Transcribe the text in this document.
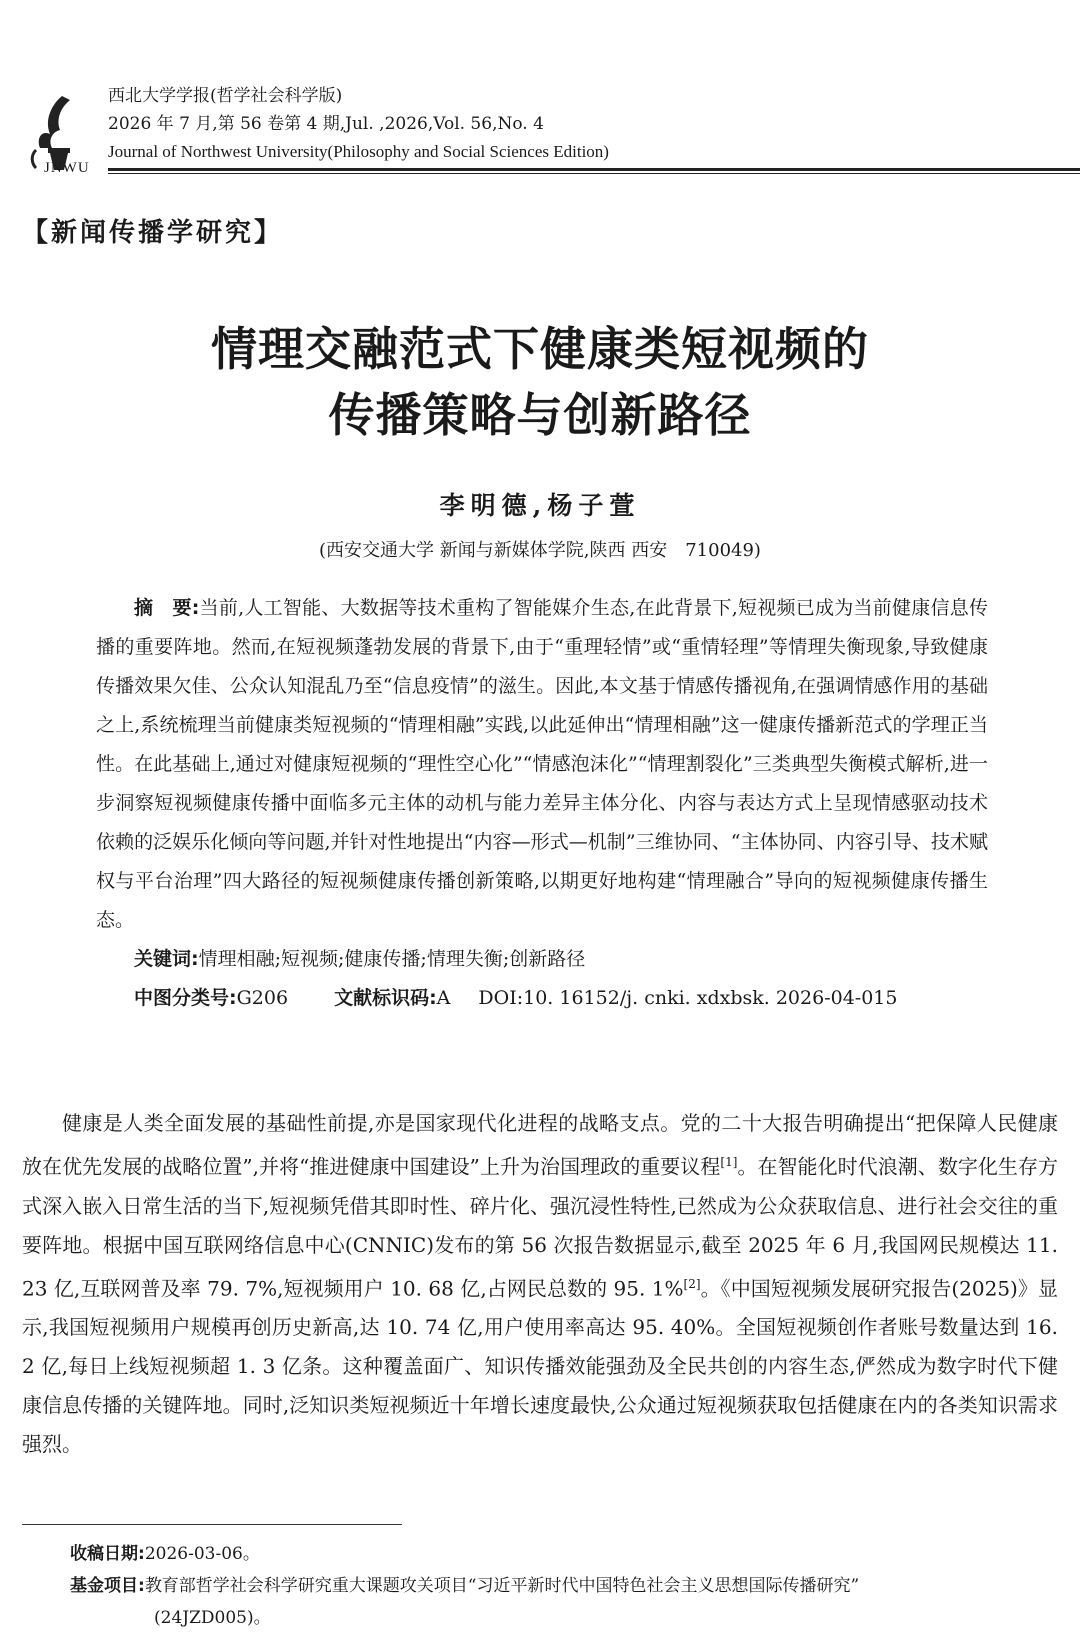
JNWU
西北大学学报(哲学社会科学版)
2026 年 7 月,第 56 卷第 4 期,Jul. ,2026,Vol. 56,No. 4
Journal of Northwest University(Philosophy and Social Sciences Edition)
【新闻传播学研究】
情理交融范式下健康类短视频的
传播策略与创新路径
李明德,杨子萱
(西安交通大学 新闻与新媒体学院,陕西 西安　710049)

摘　要:当前,人工智能、大数据等技术重构了智能媒介生态,在此背景下,短视频已成为当前健康信息传播的重要阵地。然而,在短视频蓬勃发展的背景下,由于“重理轻情”或“重情轻理”等情理失衡现象,导致健康传播效果欠佳、公众认知混乱乃至“信息疫情”的滋生。因此,本文基于情感传播视角,在强调情感作用的基础之上,系统梳理当前健康类短视频的“情理相融”实践,以此延伸出“情理相融”这一健康传播新范式的学理正当性。在此基础上,通过对健康短视频的“理性空心化”“情感泡沫化”“情理割裂化”三类典型失衡模式解析,进一步洞察短视频健康传播中面临多元主体的动机与能力差异主体分化、内容与表达方式上呈现情感驱动技术依赖的泛娱乐化倾向等问题,并针对性地提出“内容—形式—机制”三维协同、“主体协同、内容引导、技术赋权与平台治理”四大路径的短视频健康传播创新策略,以期更好地构建“情理融合”导向的短视频健康传播生态。

关键词:情理相融;短视频;健康传播;情理失衡;创新路径

中图分类号:G206 文献标识码:A DOI:10. 16152/j. cnki. xdxbsk. 2026-04-015

健康是人类全面发展的基础性前提,亦是国家现代化进程的战略支点。党的二十大报告明确提出“把保障人民健康放在优先发展的战略位置”,并将“推进健康中国建设”上升为治国理政的重要议程[1]。在智能化时代浪潮、数字化生存方式深入嵌入日常生活的当下,短视频凭借其即时性、碎片化、强沉浸性特性,已然成为公众获取信息、进行社会交往的重要阵地。根据中国互联网络信息中心(CNNIC)发布的第 56 次报告数据显示,截至 2025 年 6 月,我国网民规模达 11. 23 亿,互联网普及率 79. 7%,短视频用户 10. 68 亿,占网民总数的 95. 1%[2]。《中国短视频发展研究报告(2025)》显示,我国短视频用户规模再创历史新高,达 10. 74 亿,用户使用率高达 95. 40%。全国短视频创作者账号数量达到 16. 2 亿,每日上线短视频超 1. 3 亿条。这种覆盖面广、知识传播效能强劲及全民共创的内容生态,俨然成为数字时代下健康信息传播的关键阵地。同时,泛知识类短视频近十年增长速度最快,公众通过短视频获取包括健康在内的各类知识需求强烈。

收稿日期:2026-03-06。
基金项目:教育部哲学社会科学研究重大课题攻关项目“习近平新时代中国特色社会主义思想国际传播研究”
(24JZD005)。
